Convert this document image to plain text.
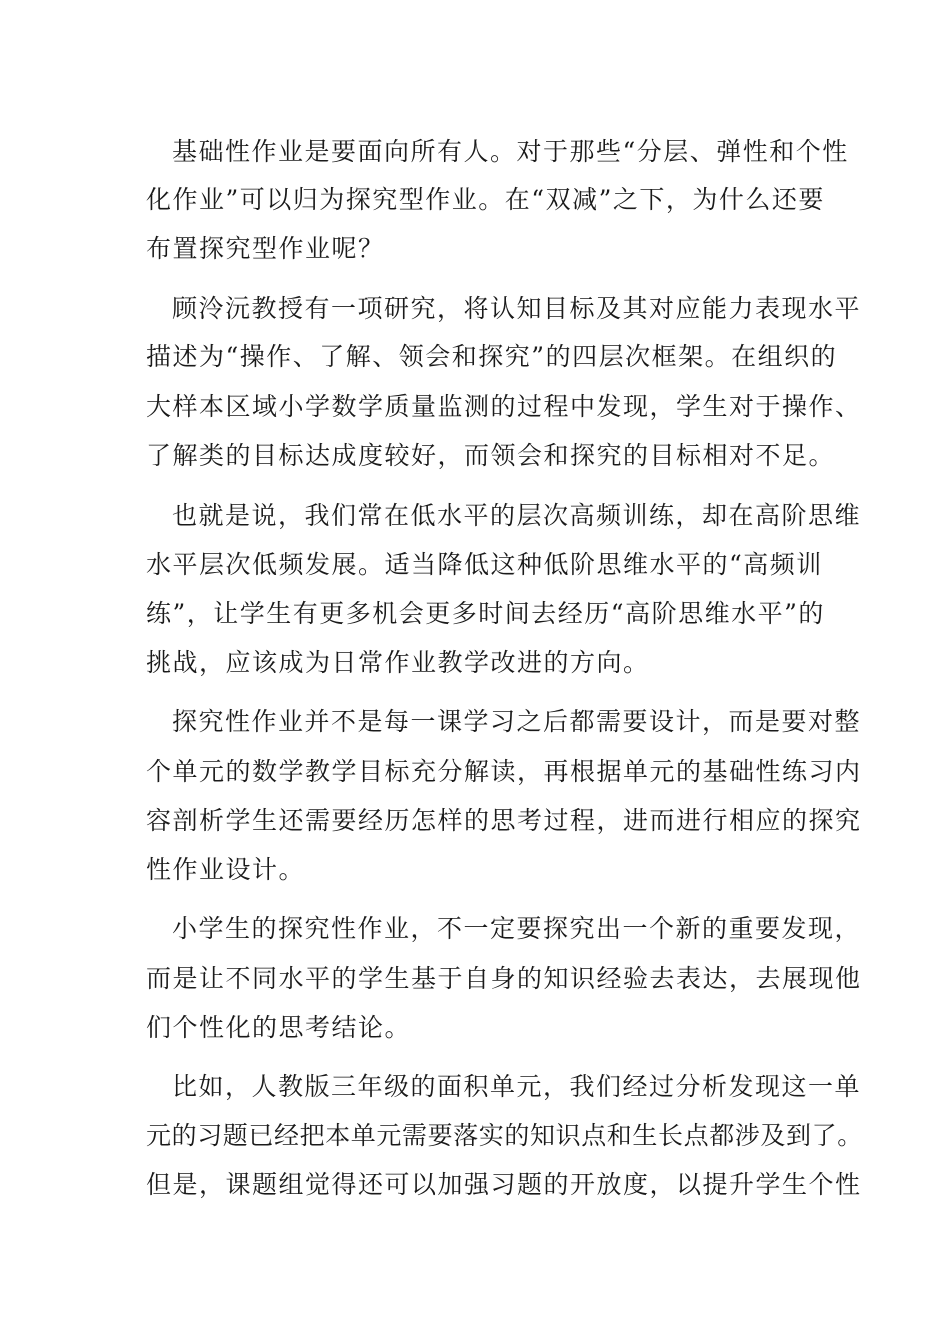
基础性作业是要面向所有人。对于那些“分层、弹性和个性
化作业”可以归为探究型作业。在“双减”之下，为什么还要
布置探究型作业呢？
顾泠沅教授有一项研究，将认知目标及其对应能力表现水平
描述为“操作、了解、领会和探究”的四层次框架。在组织的
大样本区域小学数学质量监测的过程中发现，学生对于操作、
了解类的目标达成度较好，而领会和探究的目标相对不足。
也就是说，我们常在低水平的层次高频训练，却在高阶思维
水平层次低频发展。适当降低这种低阶思维水平的“高频训
练”，让学生有更多机会更多时间去经历“高阶思维水平”的
挑战，应该成为日常作业教学改进的方向。
探究性作业并不是每一课学习之后都需要设计，而是要对整
个单元的数学教学目标充分解读，再根据单元的基础性练习内
容剖析学生还需要经历怎样的思考过程，进而进行相应的探究
性作业设计。
小学生的探究性作业，不一定要探究出一个新的重要发现，
而是让不同水平的学生基于自身的知识经验去表达，去展现他
们个性化的思考结论。
比如，人教版三年级的面积单元，我们经过分析发现这一单
元的习题已经把本单元需要落实的知识点和生长点都涉及到了。
但是，课题组觉得还可以加强习题的开放度，以提升学生个性
